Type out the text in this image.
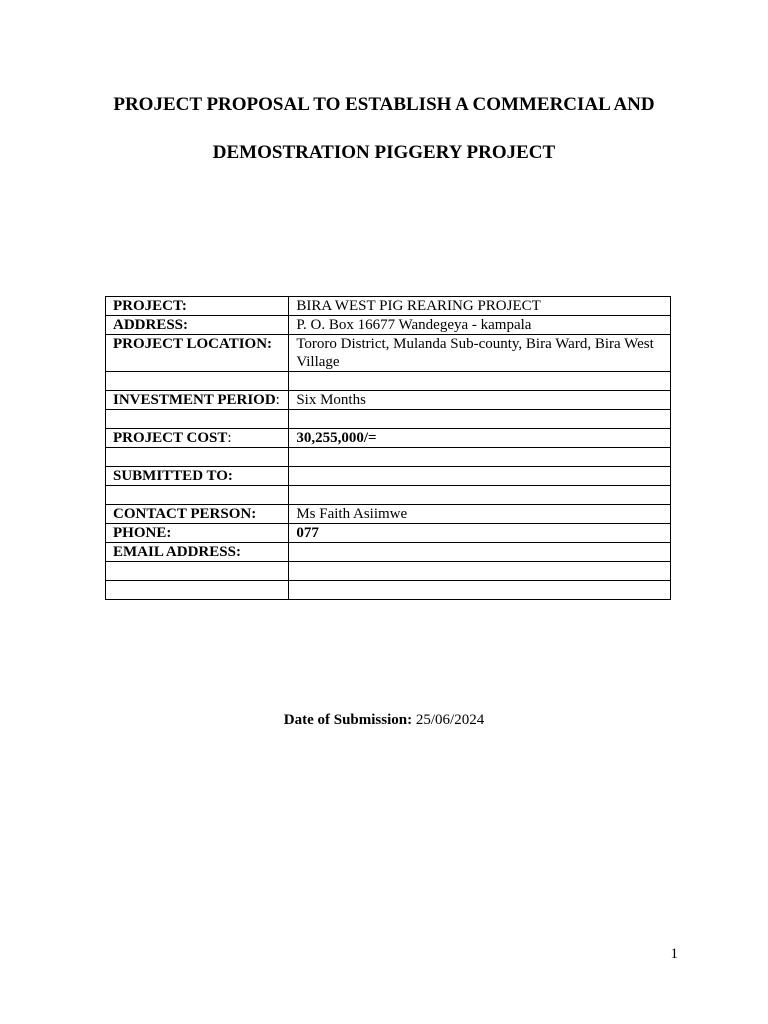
PROJECT PROPOSAL TO ESTABLISH A COMMERCIAL AND
DEMOSTRATION PIGGERY PROJECT
PROJECT:	BIRA WEST PIG REARING PROJECT
ADDRESS:	P. O. Box 16677 Wandegeya - kampala
PROJECT LOCATION:	Tororo District, Mulanda Sub-county, Bira Ward, Bira West Village

INVESTMENT PERIOD:	Six Months

PROJECT COST:	30,255,000/=

SUBMITTED TO:	

CONTACT PERSON:	Ms Faith Asiimwe
PHONE:	077
EMAIL ADDRESS:	

Date of Submission: 25/06/2024
1
